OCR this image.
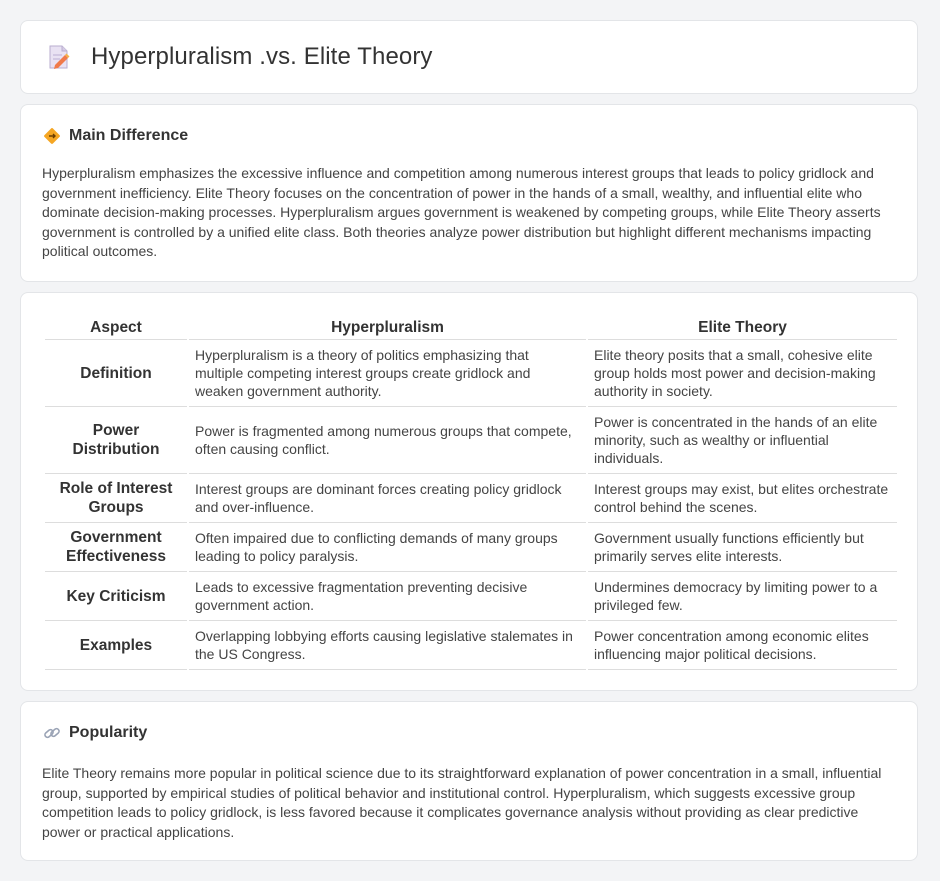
Hyperpluralism .vs. Elite Theory
Main Difference
Hyperpluralism emphasizes the excessive influence and competition among numerous interest groups that leads to policy gridlock and government inefficiency. Elite Theory focuses on the concentration of power in the hands of a small, wealthy, and influential elite who dominate decision-making processes. Hyperpluralism argues government is weakened by competing groups, while Elite Theory asserts government is controlled by a unified elite class. Both theories analyze power distribution but highlight different mechanisms impacting political outcomes.
Aspect	Hyperpluralism	Elite Theory
Definition	Hyperpluralism is a theory of politics emphasizing that multiple competing interest groups create gridlock and weaken government authority.	Elite theory posits that a small, cohesive elite group holds most power and decision-making authority in society.
Power Distribution	Power is fragmented among numerous groups that compete, often causing conflict.	Power is concentrated in the hands of an elite minority, such as wealthy or influential individuals.
Role of Interest Groups	Interest groups are dominant forces creating policy gridlock and over-influence.	Interest groups may exist, but elites orchestrate control behind the scenes.
Government Effectiveness	Often impaired due to conflicting demands of many groups leading to policy paralysis.	Government usually functions efficiently but primarily serves elite interests.
Key Criticism	Leads to excessive fragmentation preventing decisive government action.	Undermines democracy by limiting power to a privileged few.
Examples	Overlapping lobbying efforts causing legislative stalemates in the US Congress.	Power concentration among economic elites influencing major political decisions.
Popularity
Elite Theory remains more popular in political science due to its straightforward explanation of power concentration in a small, influential group, supported by empirical studies of political behavior and institutional control. Hyperpluralism, which suggests excessive group competition leads to policy gridlock, is less favored because it complicates governance analysis without providing as clear predictive power or practical applications.
